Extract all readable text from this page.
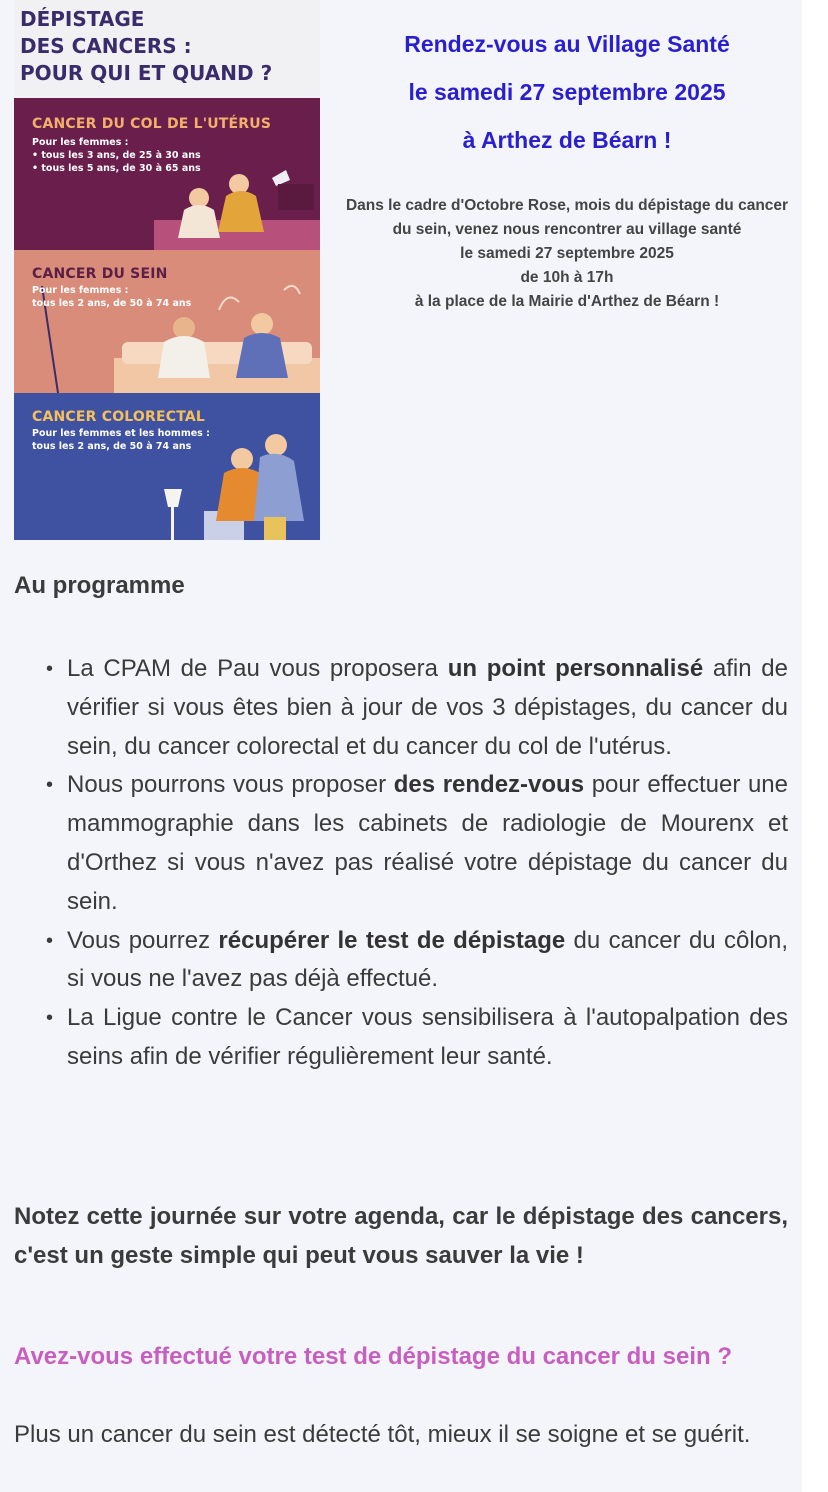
DÉPISTAGE
DES CANCERS :
POUR QUI ET QUAND ?
CANCER DU COL DE L'UTÉRUS
Pour les femmes :
• tous les 3 ans, de 25 à 30 ans
• tous les 5 ans, de 30 à 65 ans
CANCER DU SEIN
Pour les femmes :
tous les 2 ans, de 50 à 74 ans
CANCER COLORECTAL
Pour les femmes et les hommes :
tous les 2 ans, de 50 à 74 ans
Rendez-vous au Village Santé
le samedi 27 septembre 2025
à Arthez de Béarn !
Dans le cadre d'Octobre Rose, mois du dépistage du cancer du sein, venez nous rencontrer au village santé
le samedi 27 septembre 2025
de 10h à 17h
à la place de la Mairie d'Arthez de Béarn !
Au programme
• La CPAM de Pau vous proposera un point personnalisé afin de vérifier si vous êtes bien à jour de vos 3 dépistages, du cancer du sein, du cancer colorectal et du cancer du col de l'utérus.
• Nous pourrons vous proposer des rendez-vous pour effectuer une mammographie dans les cabinets de radiologie de Mourenx et d'Orthez si vous n'avez pas réalisé votre dépistage du cancer du sein.
• Vous pourrez récupérer le test de dépistage du cancer du côlon, si vous ne l'avez pas déjà effectué.
• La Ligue contre le Cancer vous sensibilisera à l'autopalpation des seins afin de vérifier régulièrement leur santé.
Notez cette journée sur votre agenda, car le dépistage des cancers, c'est un geste simple qui peut vous sauver la vie !
Avez-vous effectué votre test de dépistage du cancer du sein ?
Plus un cancer du sein est détecté tôt, mieux il se soigne et se guérit.
